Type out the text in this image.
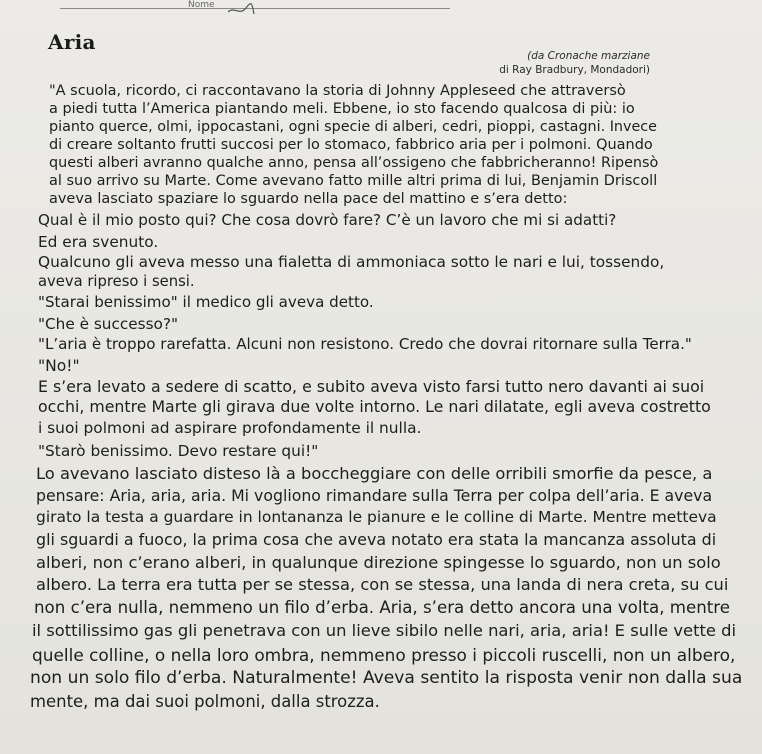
Nome
Aria
(da Cronache marziane
di Ray Bradbury, Mondadori)
"A scuola, ricordo, ci raccontavano la storia di Johnny Appleseed che attraversò
a piedi tutta l’America piantando meli. Ebbene, io sto facendo qualcosa di più: io
pianto querce, olmi, ippocastani, ogni specie di alberi, cedri, pioppi, castagni. Invece
di creare soltanto frutti succosi per lo stomaco, fabbrico aria per i polmoni. Quando
questi alberi avranno qualche anno, pensa all’ossigeno che fabbricheranno! Ripensò
al suo arrivo su Marte. Come avevano fatto mille altri prima di lui, Benjamin Driscoll
aveva lasciato spaziare lo sguardo nella pace del mattino e s’era detto:
Qual è il mio posto qui? Che cosa dovrò fare? C’è un lavoro che mi si adatti?
Ed era svenuto.
Qualcuno gli aveva messo una fialetta di ammoniaca sotto le nari e lui, tossendo,
aveva ripreso i sensi.
"Starai benissimo" il medico gli aveva detto.
"Che è successo?"
"L’aria è troppo rarefatta. Alcuni non resistono. Credo che dovrai ritornare sulla Terra."
"No!"
E s’era levato a sedere di scatto, e subito aveva visto farsi tutto nero davanti ai suoi
occhi, mentre Marte gli girava due volte intorno. Le nari dilatate, egli aveva costretto
i suoi polmoni ad aspirare profondamente il nulla.
"Starò benissimo. Devo restare qui!"
Lo avevano lasciato disteso là a boccheggiare con delle orribili smorfie da pesce, a
pensare: Aria, aria, aria. Mi vogliono rimandare sulla Terra per colpa dell’aria. E aveva
girato la testa a guardare in lontananza le pianure e le colline di Marte. Mentre metteva
gli sguardi a fuoco, la prima cosa che aveva notato era stata la mancanza assoluta di
alberi, non c’erano alberi, in qualunque direzione spingesse lo sguardo, non un solo
albero. La terra era tutta per se stessa, con se stessa, una landa di nera creta, su cui
non c’era nulla, nemmeno un filo d’erba. Aria, s’era detto ancora una volta, mentre
il sottilissimo gas gli penetrava con un lieve sibilo nelle nari, aria, aria! E sulle vette di
quelle colline, o nella loro ombra, nemmeno presso i piccoli ruscelli, non un albero,
non un solo filo d’erba. Naturalmente! Aveva sentito la risposta venir non dalla sua
mente, ma dai suoi polmoni, dalla strozza.
